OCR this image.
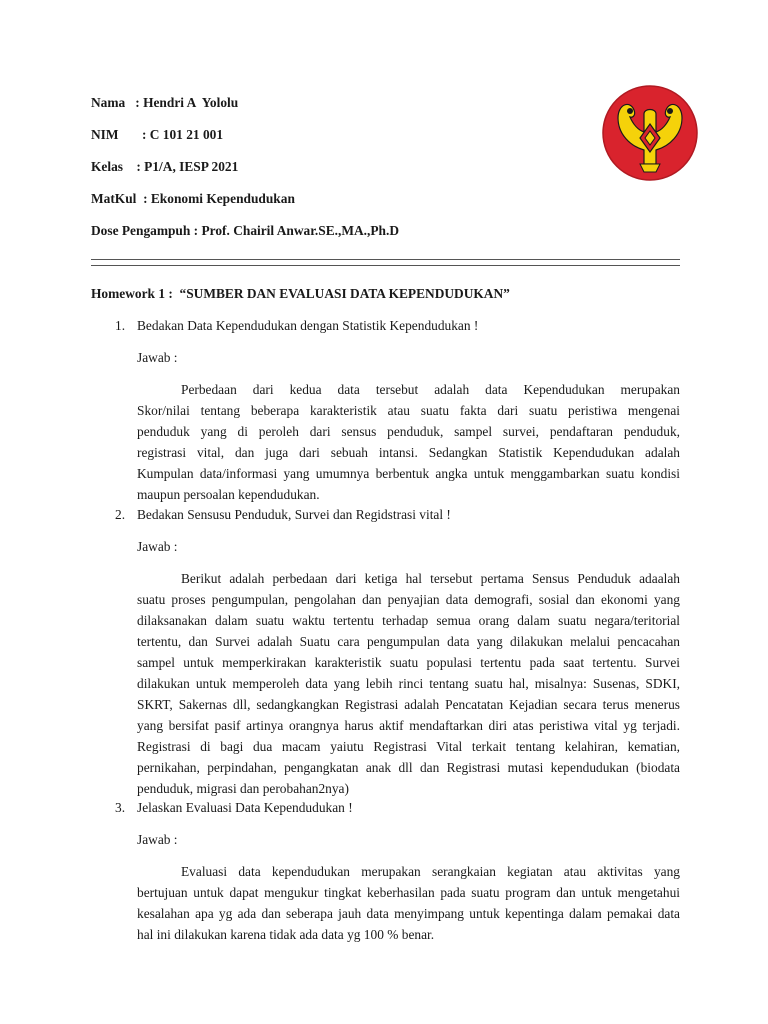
Nama   : Hendri A  Yololu
NIM       : C 101 21 001
Kelas    : P1/A, IESP 2021
MatKul  : Ekonomi Kependudukan
Dose Pengampuh : Prof. Chairil Anwar.SE.,MA.,Ph.D
Homework 1 :  “SUMBER DAN EVALUASI DATA KEPENDUDUKAN”
1. Bedakan Data Kependudukan dengan Statistik Kependudukan !
Jawab :
Perbedaan dari kedua data tersebut adalah data Kependudukan merupakan
Skor/nilai tentang beberapa karakteristik atau suatu fakta dari suatu peristiwa mengenai
penduduk yang di peroleh dari sensus penduduk, sampel survei, pendaftaran penduduk,
registrasi vital, dan juga dari sebuah intansi. Sedangkan Statistik Kependudukan adalah
Kumpulan data/informasi yang umumnya berbentuk angka untuk menggambarkan suatu kondisi
maupun persoalan kependudukan.
2. Bedakan Sensusu Penduduk, Survei dan Regidstrasi vital !
Jawab :
Berikut adalah perbedaan dari ketiga hal tersebut pertama Sensus Penduduk adaalah
suatu proses pengumpulan, pengolahan dan penyajian data demografi, sosial dan ekonomi yang
dilaksanakan dalam suatu waktu tertentu terhadap semua orang dalam suatu negara/teritorial
tertentu, dan Survei adalah Suatu cara pengumpulan data yang dilakukan melalui pencacahan
sampel untuk memperkirakan karakteristik suatu populasi tertentu pada saat tertentu. Survei
dilakukan untuk memperoleh data yang lebih rinci tentang suatu hal, misalnya: Susenas, SDKI,
SKRT, Sakernas dll, sedangkangkan Registrasi adalah Pencatatan Kejadian secara terus menerus
yang bersifat pasif artinya orangnya harus aktif mendaftarkan diri atas peristiwa vital yg terjadi.
Registrasi di bagi dua macam yaiutu Registrasi Vital terkait tentang kelahiran, kematian,
pernikahan, perpindahan, pengangkatan anak dll dan Registrasi mutasi kependudukan (biodata
penduduk, migrasi dan perobahan2nya)
3. Jelaskan Evaluasi Data Kependudukan !
Jawab :
Evaluasi data kependudukan merupakan serangkaian kegiatan atau aktivitas yang
bertujuan untuk dapat mengukur tingkat keberhasilan pada suatu program dan untuk mengetahui
kesalahan apa yg ada dan seberapa jauh data menyimpang untuk kepentinga dalam pemakai data
hal ini dilakukan karena tidak ada data yg 100 % benar.
